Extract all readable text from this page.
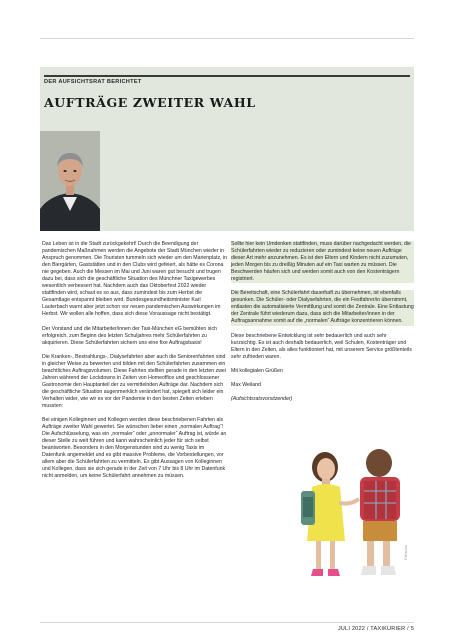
DER AUFSICHTSRAT BERICHTET
AUFTRÄGE ZWEITER WAHL

Das Leben ist in die Stadt zurückgekehrt! Durch die Beendigung der pandemischen Maßnahmen werden die Angebote der Stadt München wieder in Anspruch genommen. Die Touristen tummeln sich wieder um den Marienplatz, in den Biergärten, Gaststätten und in den Clubs wird gefeiert, als hätte es Corona nie gegeben. Auch die Messen im Mai und Juni waren gut besucht und trugen dazu bei, dass sich die geschäftliche Situation des Münchner Taxigewerbes wesentlich verbessert hat. Nachdem auch das Oktoberfest 2022 wieder stattfinden wird, schaut es so aus, dass zumindest bis zum Herbst die Gesamtlage entspannt bleiben wird. Bundesgesundheitsminister Karl Lauterbach warnt aber jetzt schon vor neuen pandemischen Auswirkungen im Herbst. Wir wollen alle hoffen, dass sich diese Voraussage nicht bestätigt.

Der Vorstand und die Mitarbeiter/innen der Taxi-München eG bemühten sich erfolgreich, zum Beginn des letzten Schuljahres mehr Schülerfahrten zu akquirieren. Diese Schülerfahrten sichern uns eine fixe Auftragsbasis!

Die Kranken-, Bestrahlungs-, Dialysefahrten aber auch die Seniorenfahrten sind in gleicher Weise zu bewerten und bilden mit den Schülerfahrten zusammen ein beachtliches Auftragsvolumen. Diese Fahrten stellten gerade in den letzten zwei Jahren während der Lockdowns in Zeiten von Homeoffice und geschlossener Gastronomie den Hauptanteil der zu vermittelnden Aufträge dar. Nachdem sich die geschäftliche Situation augenmerklich verändert hat, spiegelt sich leider ein Verhalten wider, wie wir es vor der Pandemie in den besten Zeiten erleben mussten:

Bei einigen Kolleginnen und Kollegen werden diese beschriebenen Fahrten als Aufträge zweiter Wahl gewertet. Sie wünschen lieber einen „normalen Auftrag“! Die Aufschlüsselung, was ein „normaler“ oder „unnormaler“ Auftrag ist, würde an dieser Stelle zu weit führen und kann wahrscheinlich jeder für sich selbst beantworten. Besonders in den Morgenstunden sind zu wenig Taxis im Datenfunk angemeldet und es gibt massive Probleme, die Vorbestellungen, vor allem aber die Schülerfahrten zu vermitteln. Es gibt Aussagen von Kolleginnen und Kollegen, dass sie sich gerade in der Zeit von 7 Uhr bis 8 Uhr im Datenfunk nicht anmelden, um keine Schülerfahrt annehmen zu müssen.

Sollte hier kein Umdenken stattfinden, muss darüber nachgedacht werden, die Schülerfahrten wieder zu reduzieren oder zumindest keine neuen Aufträge dieser Art mehr anzunehmen. Es ist den Eltern und Kindern nicht zuzumuten, jeden Morgen bis zu dreißig Minuten auf ein Taxi warten zu müssen. Die Beschwerden häufen sich und werden somit auch von den Kostenträgern registriert.

Die Bereitschaft, eine Schülerfahrt dauerhaft zu übernehmen, ist ebenfalls gesunken. Die Schüler- oder Dialysefahrten, die ein Festfahrer/in übernimmt, entlasten die automatisierte Vermittlung und somit die Zentrale. Eine Entlastung der Zentrale führt wiederum dazu, dass sich die Mitarbeiter/innen in der Auftragsannahme somit auf die „normalen“ Aufträge konzentrieren können.

Diese beschriebene Entwicklung ist sehr bedauerlich und auch sehr kurzsichtig. Es ist auch deshalb bedauerlich, weil Schulen, Kostenträger und Eltern in den Zeiten, als alles funktioniert hat, mit unserem Service größtenteils sehr zufrieden waren.

Mit kollegialen Grüßen

Max Weiland

(Aufsichtsratsvorsitzender)

©elinoiba
JULI 2022 / TAXIKURIER / 5
